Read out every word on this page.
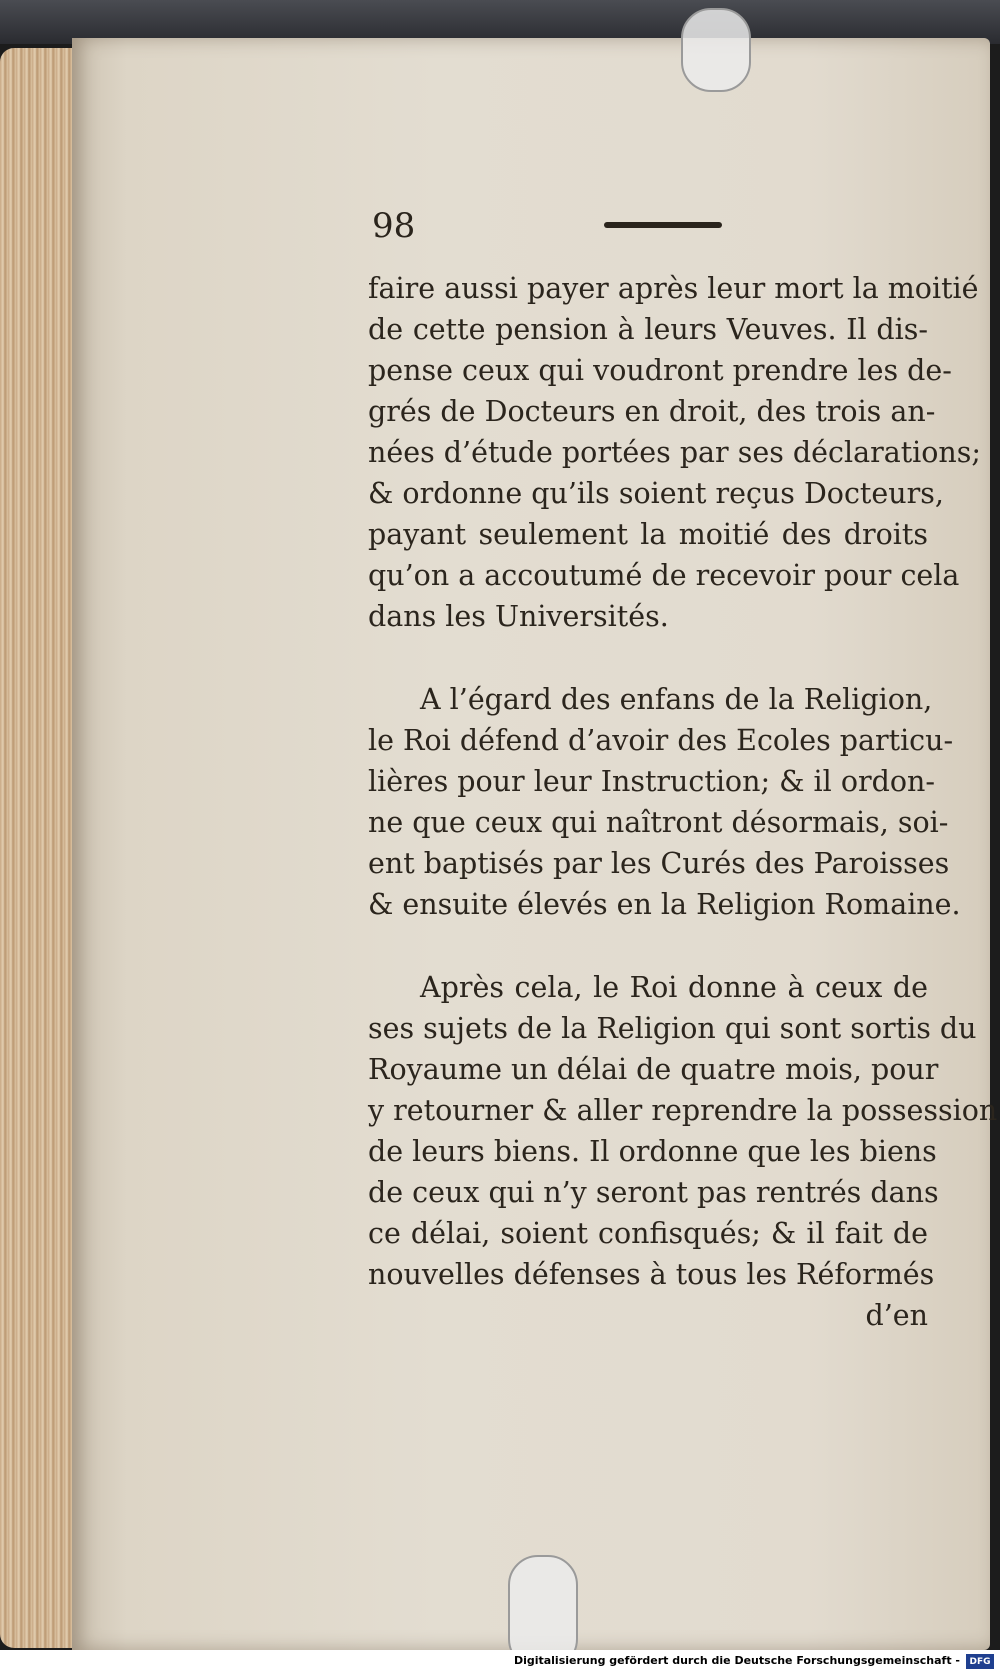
98
faire aussi payer après leur mort la moitié
de cette pension à leurs Veuves. Il dis-
pense ceux qui voudront prendre les de-
grés de Docteurs en droit, des trois an-
nées d’étude portées par ses déclarations;
& ordonne qu’ils soient reçus Docteurs,
payant seulement la moitié des droits
qu’on a accoutumé de recevoir pour cela
dans les Universités.
A l’égard des enfans de la Religion,
le Roi défend d’avoir des Ecoles particu-
lières pour leur Instruction; & il ordon-
ne que ceux qui naîtront désormais, soi-
ent baptisés par les Curés des Paroisses
& ensuite élevés en la Religion Romaine.
Après cela, le Roi donne à ceux de
ses sujets de la Religion qui sont sortis du
Royaume un délai de quatre mois, pour
y retourner & aller reprendre la possession
de leurs biens. Il ordonne que les biens
de ceux qui n’y seront pas rentrés dans
ce délai, soient confisqués; & il fait de
nouvelles défenses à tous les Réformés
d’en
Digitalisierung gefördert durch die Deutsche Forschungsgemeinschaft -	DFG
